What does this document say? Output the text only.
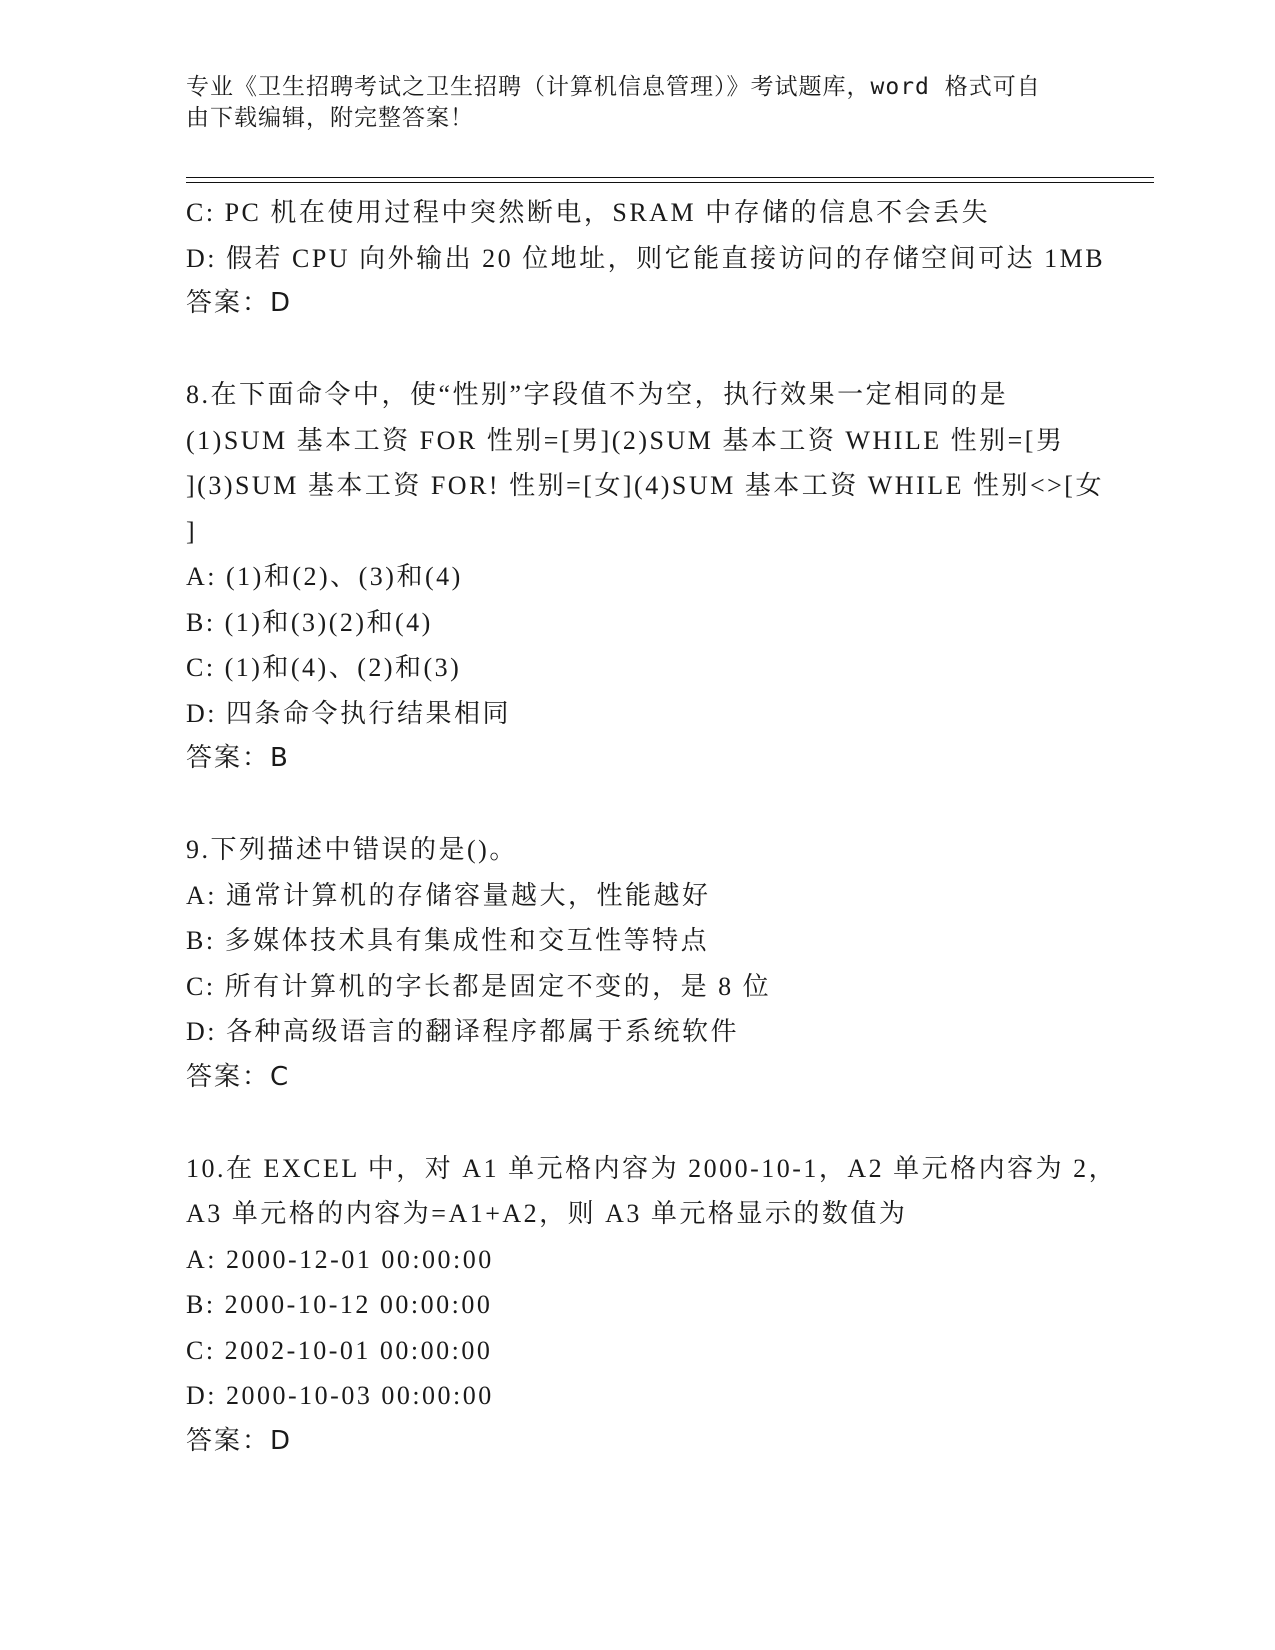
专业《卫生招聘考试之卫生招聘（计算机信息管理）》考试题库，word 格式可自
由下载编辑，附完整答案！
C: PC 机在使用过程中突然断电，SRAM 中存储的信息不会丢失
D: 假若 CPU 向外输出 20 位地址，则它能直接访问的存储空间可达 1MB
答案：D
8.在下面命令中，使“性别”字段值不为空，执行效果一定相同的是
(1)SUM 基本工资 FOR 性别=[男](2)SUM 基本工资 WHILE 性别=[男
](3)SUM 基本工资 FOR! 性别=[女](4)SUM 基本工资 WHILE 性别<>[女
]
A: (1)和(2)、(3)和(4)
B: (1)和(3)(2)和(4)
C: (1)和(4)、(2)和(3)
D: 四条命令执行结果相同
答案：B
9.下列描述中错误的是()。
A: 通常计算机的存储容量越大，性能越好
B: 多媒体技术具有集成性和交互性等特点
C: 所有计算机的字长都是固定不变的，是 8 位
D: 各种高级语言的翻译程序都属于系统软件
答案：C
10.在 EXCEL 中，对 A1 单元格内容为 2000-10-1，A2 单元格内容为 2，
A3 单元格的内容为=A1+A2，则 A3 单元格显示的数值为
A: 2000-12-01 00:00:00
B: 2000-10-12 00:00:00
C: 2002-10-01 00:00:00
D: 2000-10-03 00:00:00
答案：D
